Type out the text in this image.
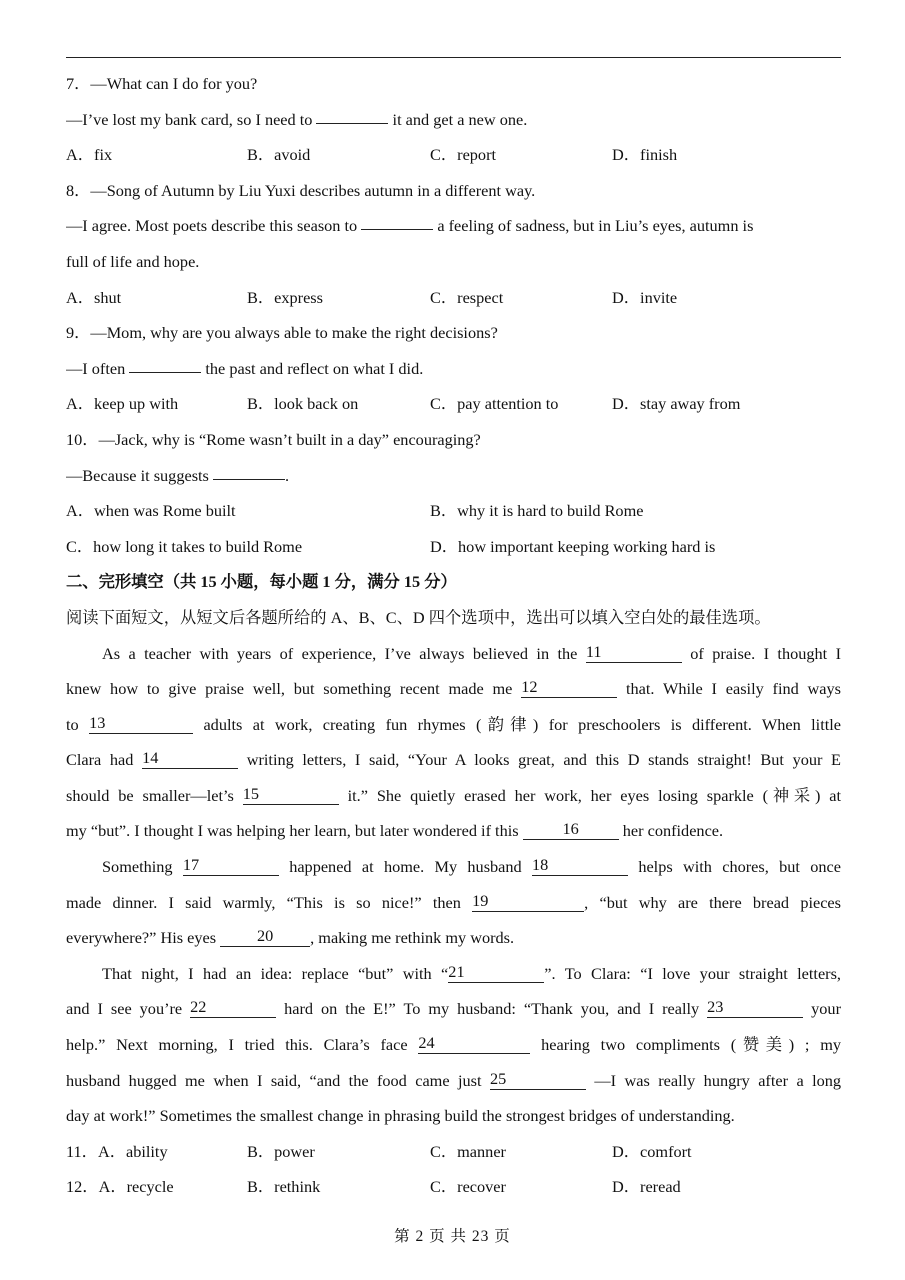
7．—What can I do for you?
—I’ve lost my bank card, so I need to	it and get a new one.
A．fix	B．avoid	C．report	D．finish
8．—Song of Autumn by Liu Yuxi describes autumn in a different way.
—I agree. Most poets describe this season to	a feeling of sadness, but in Liu’s eyes, autumn is
full of life and hope.
A．shut	B．express	C．respect	D．invite
9．—Mom, why are you always able to make the right decisions?
—I often	the past and reflect on what I did.
A．keep up with	B．look back on	C．pay attention to	D．stay away from
10．—Jack, why is “Rome wasn’t built in a day” encouraging?
—Because it suggests	.
A．when was Rome built	B．why it is hard to build Rome
C．how long it takes to build Rome	D．how important keeping working hard is
二、完形填空（共 15 小题，每小题 1 分，满分 15 分）
阅读下面短文，从短文后各题所给的 A、B、C、D 四个选项中，选出可以填入空白处的最佳选项。
As a teacher with years of experience, I’ve always believed in the 11	of praise. I thought I
knew how to give praise well, but something recent made me 12	that. While I easily find ways
to 13	adults at work, creating fun rhymes (韵律) for preschoolers is different. When little
Clara had 14	writing letters, I said, “Your A looks great, and this D stands straight! But your E
should be smaller—let’s 15	it.” She quietly erased her work, her eyes losing sparkle (神采) at
my “but”. I thought I was helping her learn, but later wondered if this	16	her confidence.
Something 17	happened at home. My husband 18	helps with chores, but once
made dinner. I said warmly, “This is so nice!” then 19	, “but why are there bread pieces
everywhere?” His eyes	20 , making me rethink my words.
That night, I had an idea: replace “but” with “21	”. To Clara: “I love your straight letters,
and I see you’re 22	hard on the E!” To my husband: “Thank you, and I really 23	your
help.” Next morning, I tried this. Clara’s face 24	hearing two compliments (赞美) ; my
husband hugged me when I said, “and the food came just 25	—I was really hungry after a long
day at work!” Sometimes the smallest change in phrasing build the strongest bridges of understanding.
11．A．ability	B．power	C．manner	D．comfort
12．A．recycle	B．rethink	C．recover	D．reread
第 2 页 共 23 页
